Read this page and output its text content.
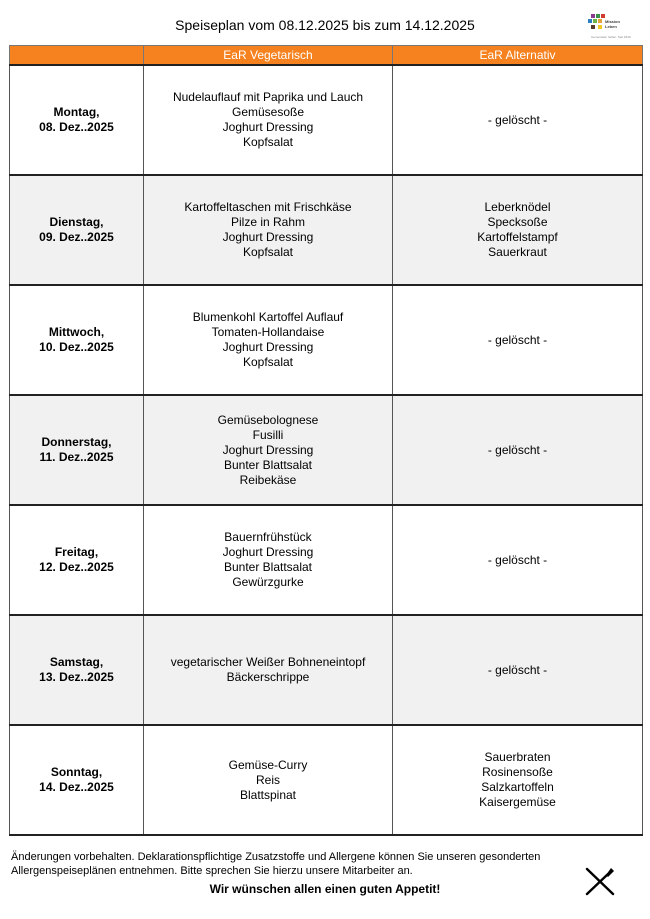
Speiseplan vom 08.12.2025 bis zum 14.12.2025	Mission
Leben
Gemeinsam helfen. Seit 1849.
	EaR Vegetarisch	EaR Alternativ

Montag,
08. Dez..2025	Nudelauflauf mit Paprika und Lauch
Gemüsesoße
Joghurt Dressing
Kopfsalat	- gelöscht -

Dienstag,
09. Dez..2025	Kartoffeltaschen mit Frischkäse
Pilze in Rahm
Joghurt Dressing
Kopfsalat	Leberknödel
Specksoße
Kartoffelstampf
Sauerkraut

Mittwoch,
10. Dez..2025	Blumenkohl Kartoffel Auflauf
Tomaten-Hollandaise
Joghurt Dressing
Kopfsalat	- gelöscht -

Donnerstag,
11. Dez..2025	Gemüsebolognese
Fusilli
Joghurt Dressing
Bunter Blattsalat
Reibekäse	- gelöscht -

Freitag,
12. Dez..2025	Bauernfrühstück
Joghurt Dressing
Bunter Blattsalat
Gewürzgurke	- gelöscht -

Samstag,
13. Dez..2025	vegetarischer Weißer Bohneneintopf
Bäckerschrippe	- gelöscht -

Sonntag,
14. Dez..2025	Gemüse-Curry
Reis
Blattspinat	Sauerbraten
Rosinensoße
Salzkartoffeln
Kaisergemüse
Änderungen vorbehalten. Deklarationspflichtige Zusatzstoffe und Allergene können Sie unseren gesonderten Allergenspeiseplänen entnehmen. Bitte sprechen Sie hierzu unsere Mitarbeiter an.
Wir wünschen allen einen guten Appetit!
